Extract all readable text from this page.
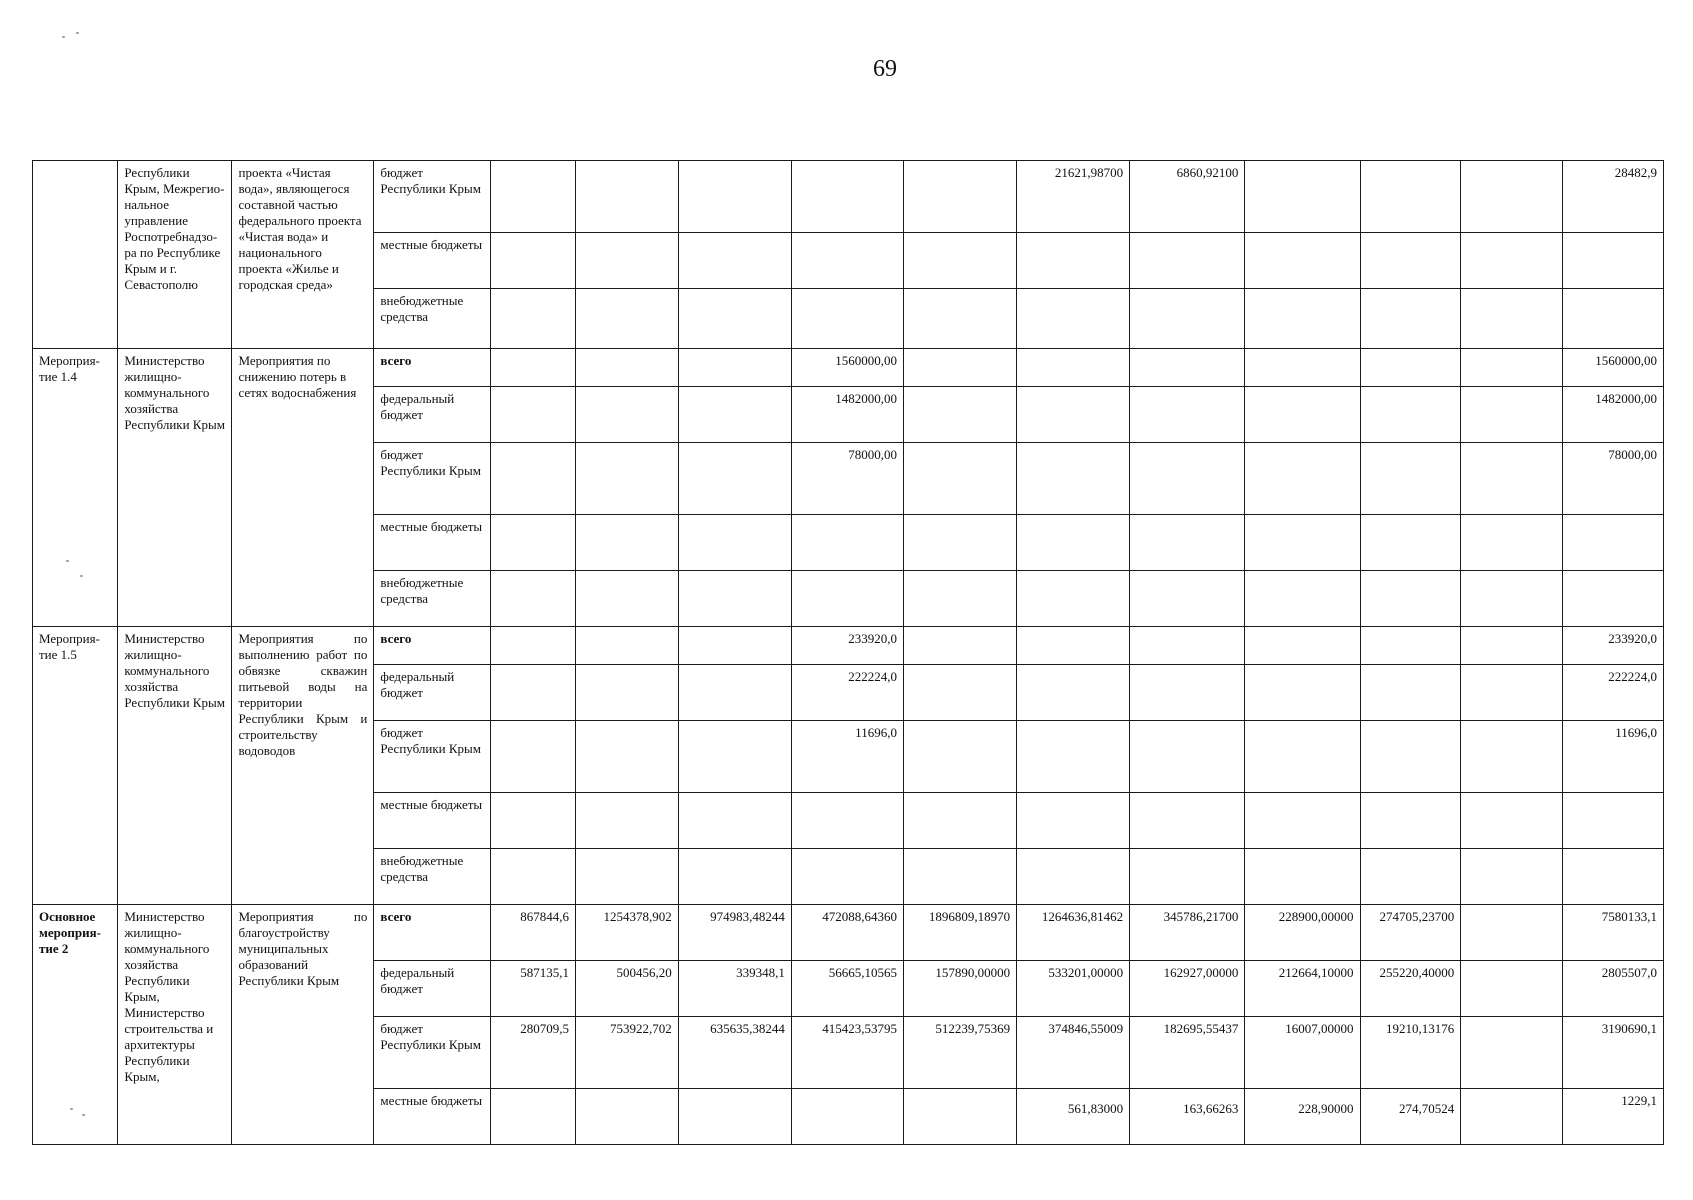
69
	Республики Крым, Межрегио-нальное управление Роспотребнадзо-ра по Республике Крым и г. Севастополю	проекта «Чистая вода», являющегося составной частью федерального проекта «Чистая вода» и национального проекта «Жилье и городская среда»	бюджет Республики Крым						21621,98700	6860,92100				28482,9
			местные бюджеты											
			внебюджетные средства											
Мероприя-тие 1.4	Министерство жилищно-коммунального хозяйства Республики Крым	Мероприятия по снижению потерь в сетях водоснабжения	всего				1560000,00							1560000,00
			федеральный бюджет				1482000,00							1482000,00
			бюджет Республики Крым				78000,00							78000,00
			местные бюджеты											
			внебюджетные средства											
Мероприя-тие 1.5	Министерство жилищно-коммунального хозяйства Республики Крым	Мероприятия по выполнению работ по обвязке скважин питьевой воды на территории Республики Крым и строительству водоводов	всего				233920,0							233920,0
			федеральный бюджет				222224,0							222224,0
			бюджет Республики Крым				11696,0							11696,0
			местные бюджеты											
			внебюджетные средства											
Основное мероприя-тие 2	Министерство жилищно-коммунального хозяйства Республики Крым, Министерство строительства и архитектуры Республики Крым,	Мероприятия по благоустройству муниципальных образований Республики Крым	всего	867844,6	1254378,902	974983,48244	472088,64360	1896809,18970	1264636,81462	345786,21700	228900,00000	274705,23700		7580133,1
			федеральный бюджет	587135,1	500456,20	339348,1	56665,10565	157890,00000	533201,00000	162927,00000	212664,10000	255220,40000		2805507,0
			бюджет Республики Крым	280709,5	753922,702	635635,38244	415423,53795	512239,75369	374846,55009	182695,55437	16007,00000	19210,13176		3190690,1
			местные бюджеты						561,83000	163,66263	228,90000	274,70524		1229,1
